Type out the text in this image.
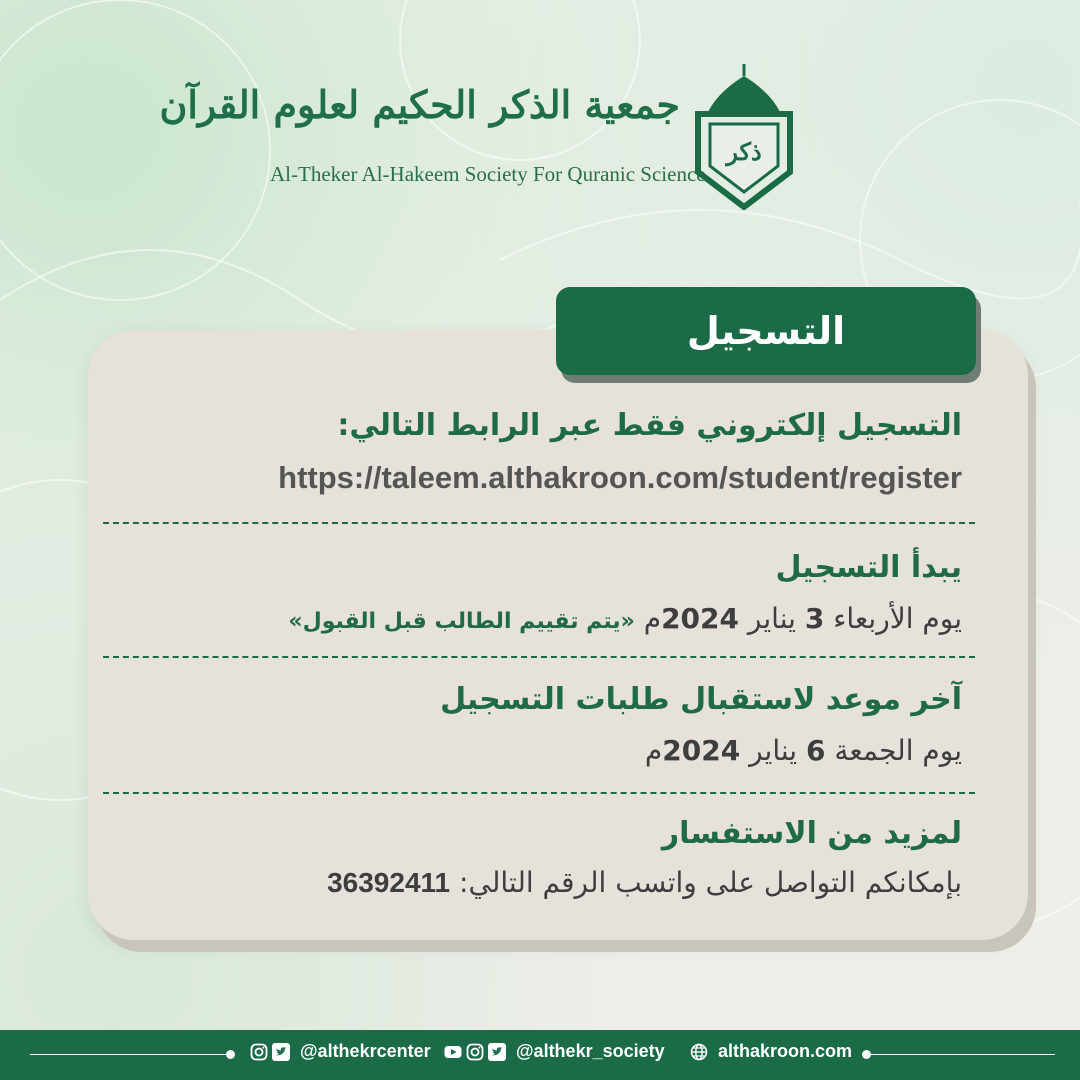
جمعية الذكر الحكيم لعلوم القرآن
Al-Theker Al-Hakeem Society For Quranic Science
ذكر
التسجيل
التسجيل إلكتروني فقط عبر الرابط التالي:
https://taleem.althakroon.com/student/register
يبدأ التسجيل
يوم الأربعاء 3 يناير 2024م «يتم تقييم الطالب قبل القبول»
آخر موعد لاستقبال طلبات التسجيل
يوم الجمعة 6 يناير 2024م
لمزيد من الاستفسار
بإمكانكم التواصل على واتسب الرقم التالي: 36392411
@althekrcenter	@althekr_society	althakroon.com
